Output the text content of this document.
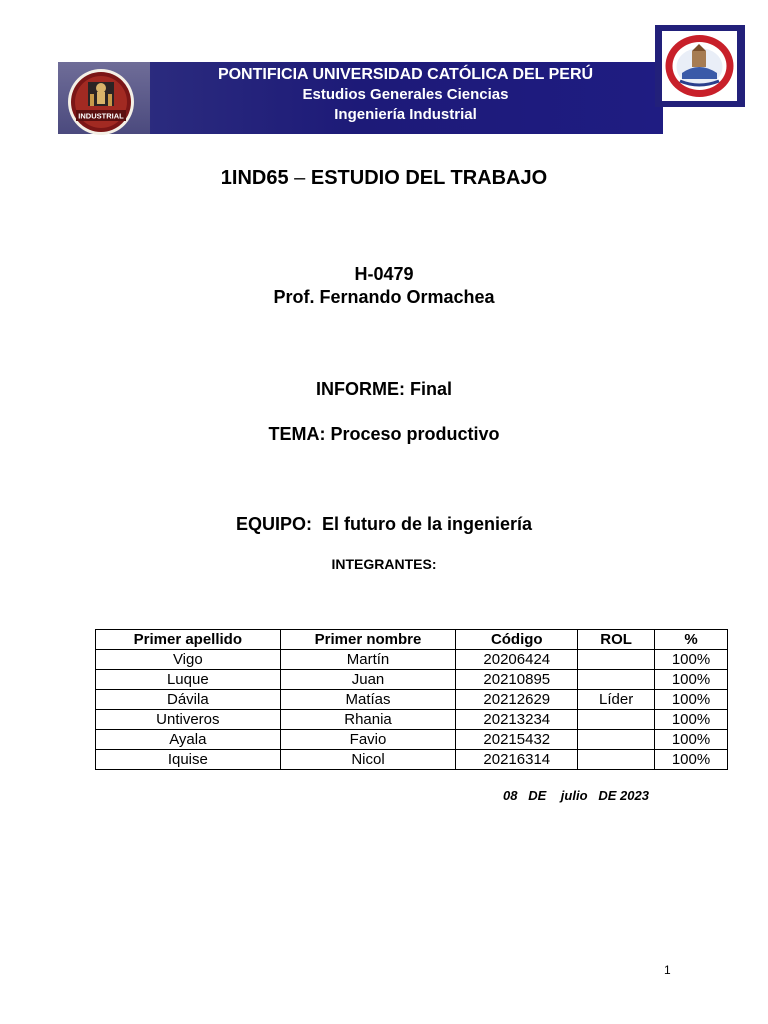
PONTIFICIA UNIVERSIDAD CATÓLICA DEL PERÚ
Estudios Generales Ciencias
Ingeniería Industrial
INDUSTRIAL
1IND65 – ESTUDIO DEL TRABAJO
H-0479
Prof. Fernando Ormachea
INFORME: Final
TEMA: Proceso productivo
EQUIPO: El futuro de la ingeniería
INTEGRANTES:
Primer apellido	Primer nombre	Código	ROL	%
Vigo	Martín	20206424		100%
Luque	Juan	20210895		100%
Dávila	Matías	20212629	Líder	100%
Untiveros	Rhania	20213234		100%
Ayala	Favio	20215432		100%
Iquise	Nicol	20216314		100%
08   DE    julio   DE 2023
1
